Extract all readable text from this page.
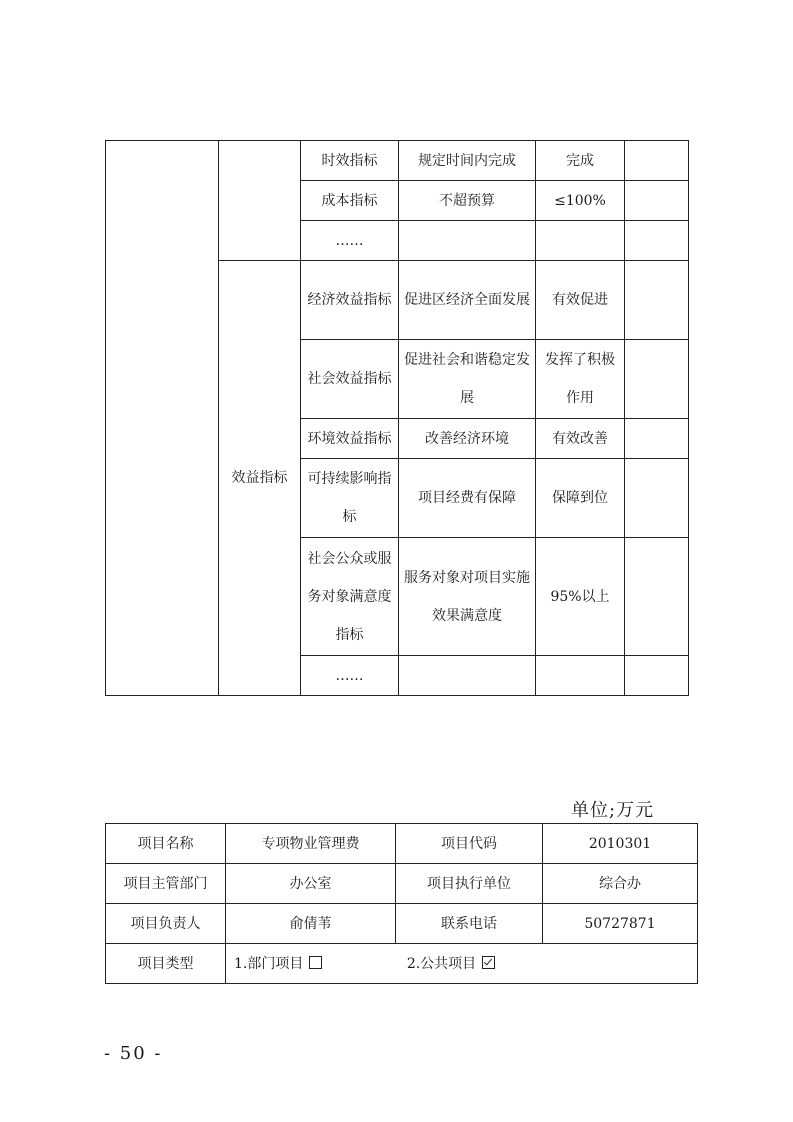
		时效指标	规定时间内完成	完成	
		成本指标	不超预算	≤100%	
		……			
	效益指标	经济效益指标	促进区经济全面发展	有效促进	
		社会效益指标	促进社会和谐稳定发展	发挥了积极作用	
		环境效益指标	改善经济环境	有效改善	
		可持续影响指标	项目经费有保障	保障到位	
		社会公众或服务对象满意度指标	服务对象对项目实施效果满意度	95%以上	
		……			
单位;万元
项目名称	专项物业管理费	项目代码	2010301
项目主管部门	办公室	项目执行单位	综合办
项目负责人	俞倩苇	联系电话	50727871
项目类型	1.部门项目 2.公共项目		
- 50 -
